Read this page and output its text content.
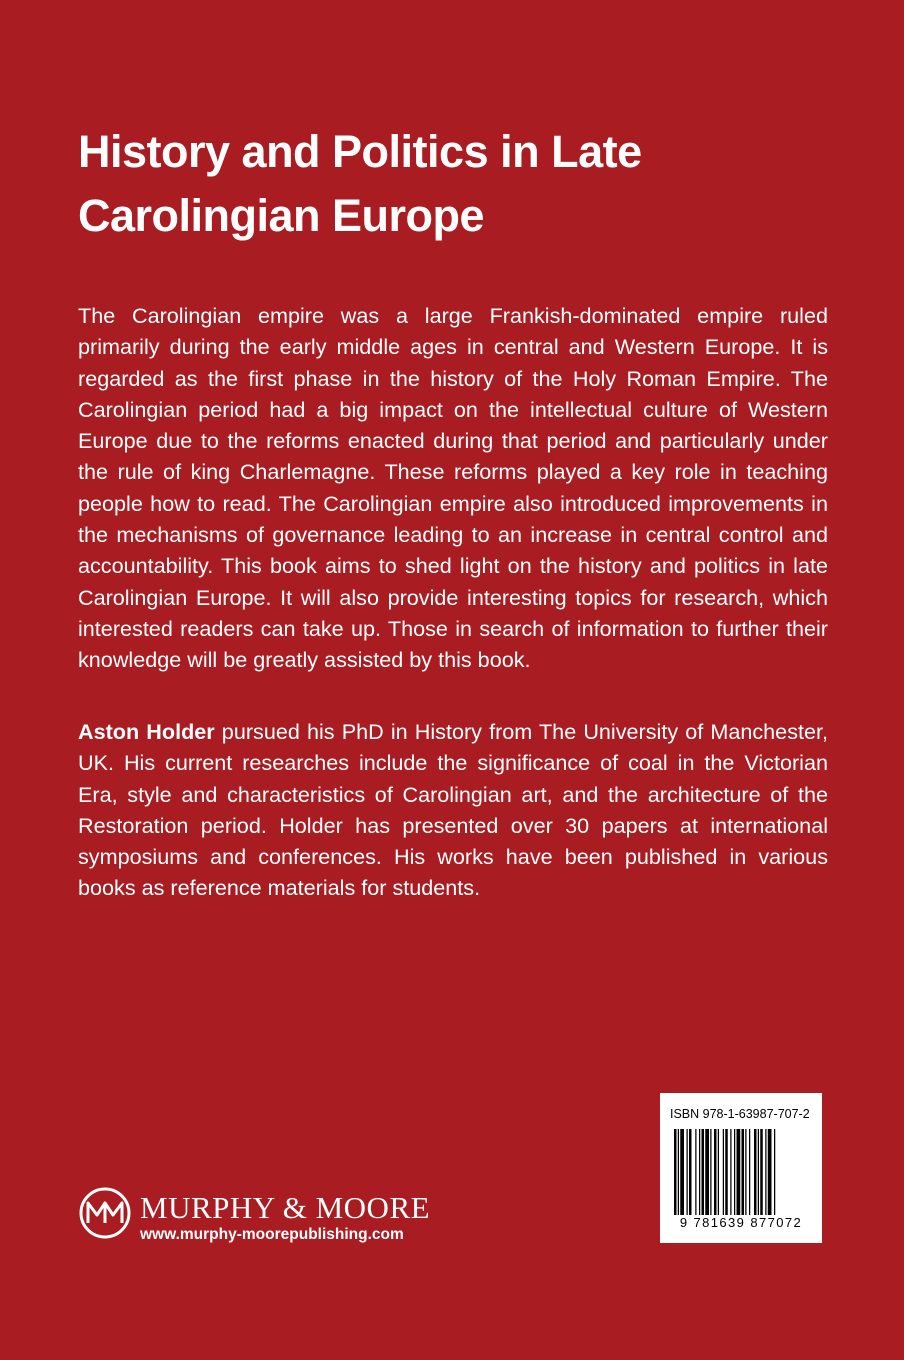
History and Politics in Late
Carolingian Europe

The Carolingian empire was a large Frankish-dominated empire ruled primarily during the early middle ages in central and Western Europe. It is regarded as the first phase in the history of the Holy Roman Empire. The Carolingian period had a big impact on the intellectual culture of Western Europe due to the reforms enacted during that period and particularly under the rule of king Charlemagne. These reforms played a key role in teaching people how to read. The Carolingian empire also introduced improvements in the mechanisms of governance leading to an increase in central control and accountability. This book aims to shed light on the history and politics in late Carolingian Europe. It will also provide interesting topics for research, which interested readers can take up. Those in search of information to further their knowledge will be greatly assisted by this book.

Aston Holder pursued his PhD in History from The University of Manchester, UK. His current researches include the significance of coal in the Victorian Era, style and characteristics of Carolingian art, and the architecture of the Restoration period. Holder has presented over 30 papers at international symposiums and conferences. His works have been published in various books as reference materials for students.

MURPHY & MOORE
www.murphy-moorepublishing.com
ISBN 978-1-63987-707-2
9 781639 877072
